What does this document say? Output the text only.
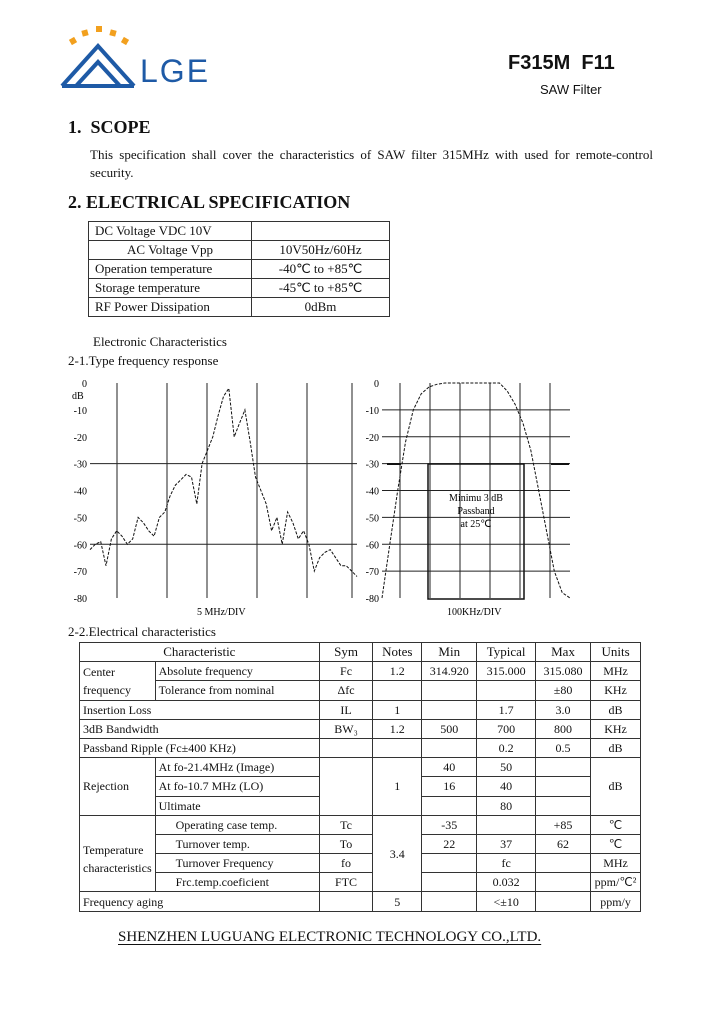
LGE	F315M  F11
SAW Filter
1.  SCOPE
This specification shall cover the characteristics of SAW filter 315MHz with used for remote-control security.
2. ELECTRICAL SPECIFICATION
DC Voltage VDC 10V	
AC Voltage Vpp	10V50Hz/60Hz
Operation temperature	-40℃ to +85℃
Storage temperature	-45℃ to +85℃
RF Power Dissipation	0dBm
Electronic Characteristics
2-1.Type frequency response
0
-10
-20
-30
-40
-50
-60
-70
-80
dB
5 MHz/DIV
0
-10
-20
-30
-40
-50
-60
-70
-80
Minimu 3 dB
Passband
at 25℃
100KHz/DIV
2-2.Electrical characteristics
Characteristic		Sym	Notes	Min	Typical	Max	Units
Center	Absolute frequency	Fc	1.2	314.920	315.000	315.080	MHz
frequency	Tolerance from nominal	Δfc				±80	KHz
Insertion Loss		IL	1		1.7	3.0	dB
3dB Bandwidth		BW₃	1.2	500	700	800	KHz
Passband Ripple (Fc±400 KHz)					0.2	0.5	dB
Rejection	At fo-21.4MHz (Image)		1	40	50		dB
	At fo-10.7 MHz (LO)			16	40		
	Ultimate				80		

Temperature
characteristics	Operating case temp.	Tc	3.4	-35		+85	℃
	Turnover temp.	To		22	37	62	℃
	Turnover Frequency	fo			fc		MHz
	Frc.temp.coeficient	FTC			0.032		ppm/℃²
Frequency aging			5		<±10		ppm/y
SHENZHEN LUGUANG ELECTRONIC TECHNOLOGY CO.,LTD.
